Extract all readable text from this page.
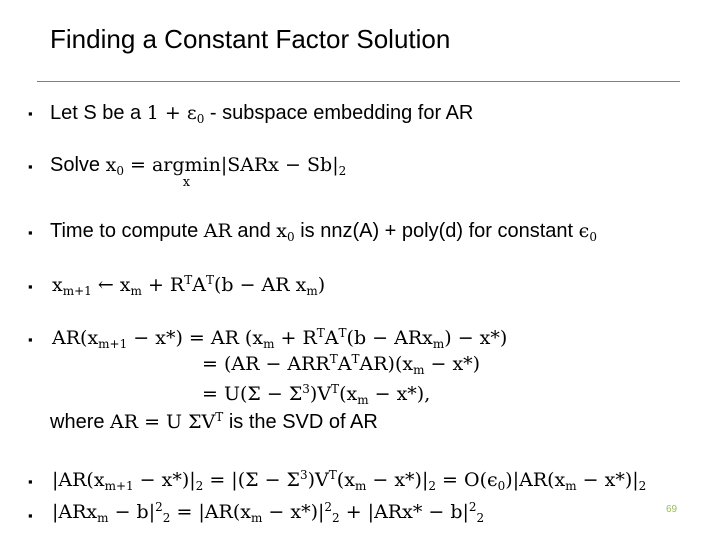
Finding a Constant Factor Solution
▪ Let S be a $1 + \varepsilon_0$ - subspace embedding for AR
▪ Solve $x_0 = argmin$
x
|SARx − $Sb|_2$
▪ Time to compute AR and $x_0$ is nnz(A) + poly(d) for constant $\epsilon_0$
▪ $x_{m+1}$ ← $x_m + R^TA^T(b$ − AR $x_m$)
▪ $AR(x_{m+1} - x*)$ = AR $(x_m + R^TA^T(b - ARx_m) - x*)$
= $(AR - ARR^TA^TAR)(x_m - x*)$
= $U(\Sigma - \Sigma^3)V^T(x_m - x*)$,
where AR = U $\Sigma V^T$ is the SVD of AR
▪ $|AR(x_{m+1} - x*)|_2 = |(\Sigma - \Sigma^3)V^T(x_m - x*)|_2 = O(\epsilon_0)|AR(x_m - x*)|_2$
▪ $|ARx_m - b|^2_2 = |AR(x_m - x*)|^2_2 + |ARx* - b|^2_2$
69
